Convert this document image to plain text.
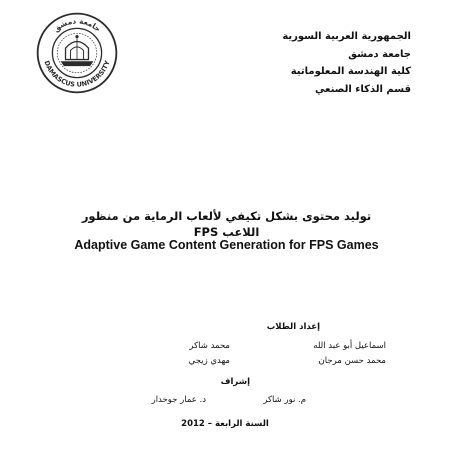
جامعة دمشق
DAMASCUS UNIVERSITY
الجمهورية العربية السورية
جامعة دمشق
كلية الهندسة المعلوماتية
قسم الذكاء الصنعي
توليد محتوى بشكل تكيفي لألعاب الرماية من منظور
اللاعب FPS
Adaptive Game Content Generation for FPS Games
إعداد الطلاب
اسماعيل أبو عبد الله
محمد شاكر
محمد حسن مرجان
مهدي زيجي
إشراف
م. نور شاكر
د. عمار جوخدار
السنة الرابعة – 2012
